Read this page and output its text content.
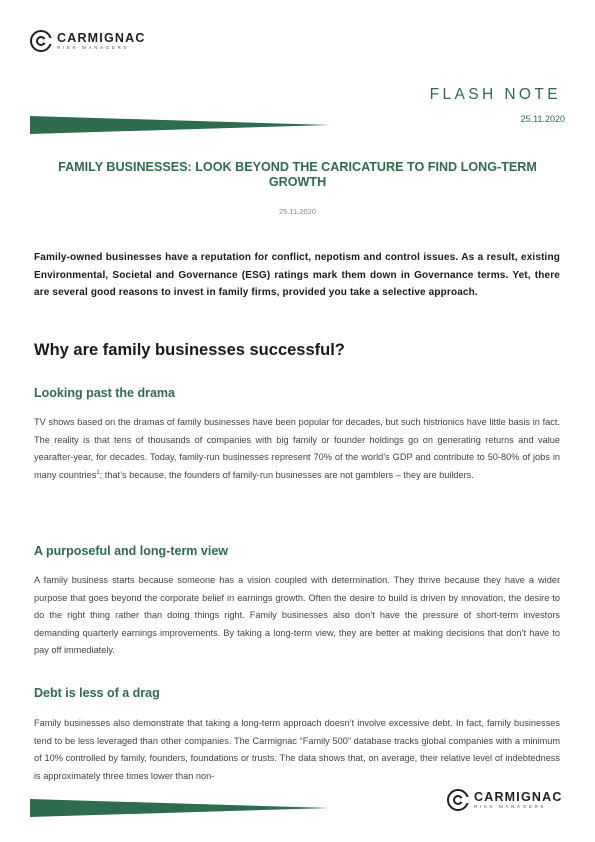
CARMIGNAC
RISK MANAGERS
FLASH NOTE
25.11.2020
FAMILY BUSINESSES: LOOK BEYOND THE CARICATURE TO FIND LONG-TERM GROWTH
25.11.2020

Family-owned businesses have a reputation for conflict, nepotism and control issues. As a result, existing Environmental, Societal and Governance (ESG) ratings mark them down in Governance terms. Yet, there are several good reasons to invest in family firms, provided you take a selective approach.

Why are family businesses successful?
Looking past the drama

TV shows based on the dramas of family businesses have been popular for decades, but such histrionics have little basis in fact. The reality is that tens of thousands of companies with big family or founder holdings go on generating returns and value yearafter-year, for decades. Today, family-run businesses represent 70% of the world’s GDP and contribute to 50-80% of jobs in many countries$^1$; that’s because, the founders of family-run businesses are not gamblers – they are builders.

A purposeful and long-term view

A family business starts because someone has a vision coupled with determination. They thrive because they have a wider purpose that goes beyond the corporate belief in earnings growth. Often the desire to build is driven by innovation, the desire to do the right thing rather than doing things right. Family businesses also don’t have the pressure of short-term investors demanding quarterly earnings improvements. By taking a long-term view, they are better at making decisions that don’t have to pay off immediately.

Debt is less of a drag

Family businesses also demonstrate that taking a long-term approach doesn’t involve excessive debt. In fact, family businesses tend to be less leveraged than other companies. The Carmignac “Family 500” database tracks global companies with a minimum of 10% controlled by family, founders, foundations or trusts. The data shows that, on average, their relative level of indebtedness is approximately three times lower than non-

CARMIGNAC
RISK MANAGERS
